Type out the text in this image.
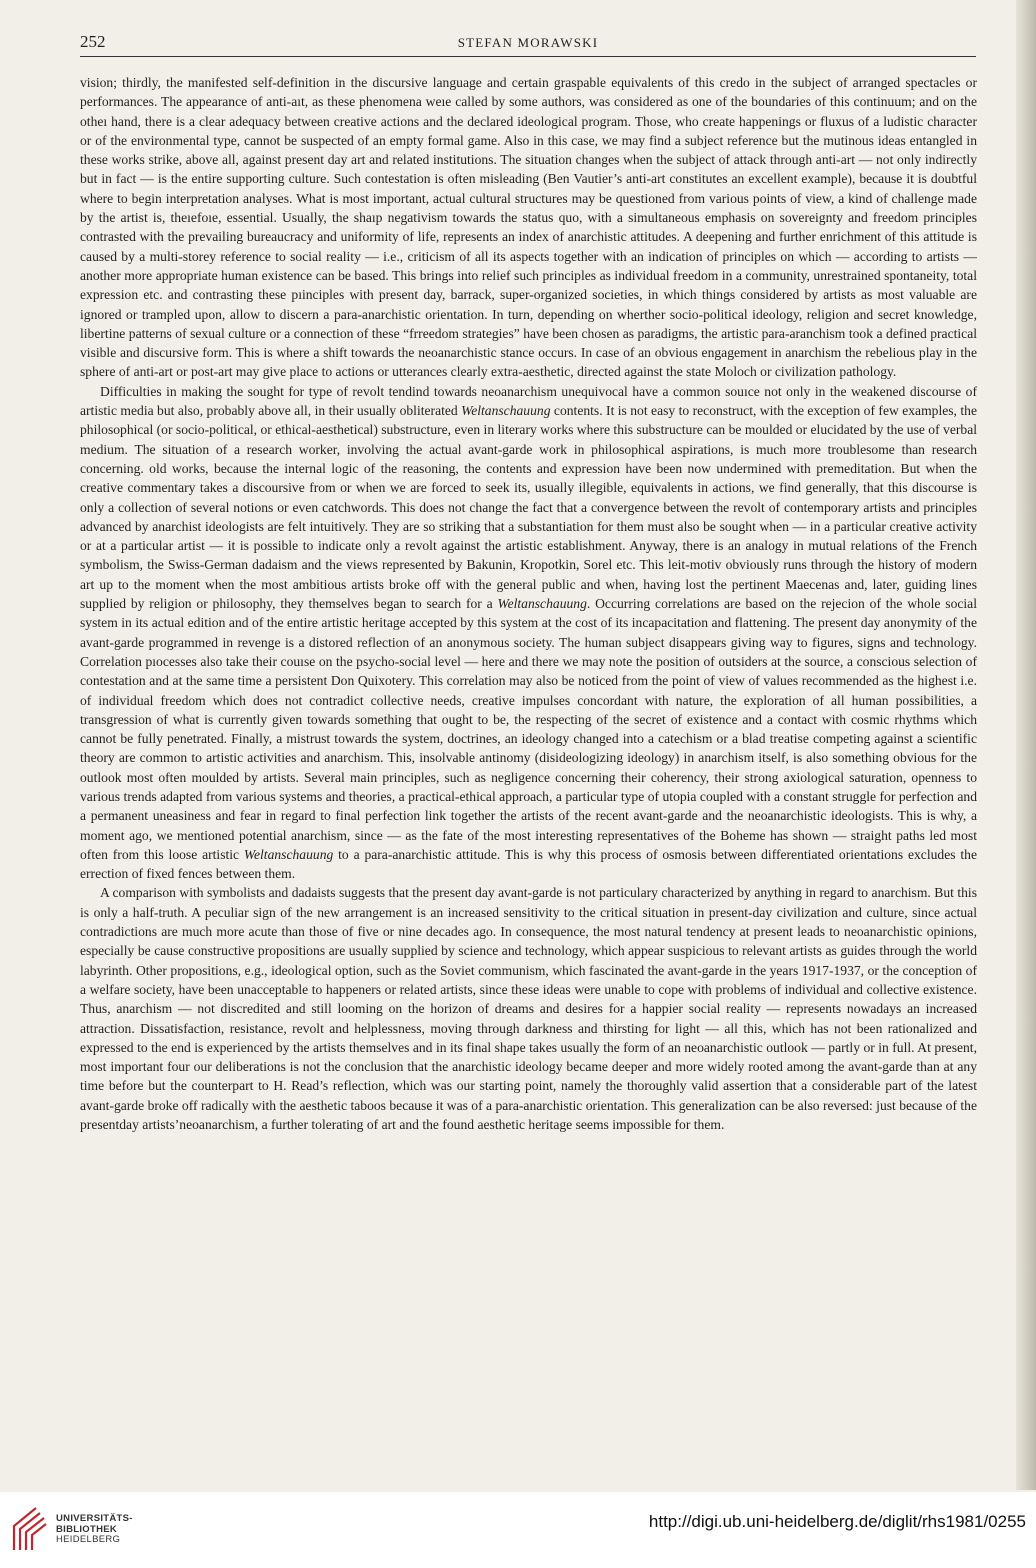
252	STEFAN MORAWSKI

vision; thirdly, the manifested self-definition in the discursive language and certain graspable equivalents of this credo in the subject of arranged spectacles or performances. The appearance of anti-aıt, as these phenomena weıe called by some authors, was considered as one of the boundaries of this continuum; and on the otheı hand, there is a clear adequacy between creative actions and the declared ideological program. Those, who create happenings or fluxus of a ludistic character or of the environmental type, cannot be suspected of an empty formal game. Also in this case, we may find a subject reference but the mutinous ideas entangled in these works strike, above all, against present day art and related institutions. The situation changes when the subject of attack through anti-art — not only indirectly but in fact — is the entire supporting culture. Such contestation is often misleading (Ben Vautier’s anti-art constitutes an excellent example), because it is doubtful where to begin interpretation analyses. What is most important, actual cultural structures may be questioned from various points of view, a kind of challenge made by the artist is, theıefoıe, essential. Usually, the shaıp negativism towards the status quo, with a simultaneous emphasis on sovereignty and freedom principles contrasted with the prevailing bureaucracy and uniformity of life, represents an index of anarchistic attitudes. A deepening and further enrichment of this attitude is caused by a multi-storey reference to social reality — i.e., criticism of all its aspects together with an indication of principles on which — according to artists — another more appropriate human existence can be based. This brings into relief such principles as individual freedom in a community, unrestrained spontaneity, total expression etc. and contrasting these pıinciples with present day, barrack, super-organized societies, in which things considered by artists as most valuable are ignored or trampled upon, allow to discern a para-anarchistic orientation. In turn, depending on wherther socio-political ideology, religion and secret knowledge, libertine patterns of sexual culture or a connection of these “frreedom strategies” have been chosen as paradigms, the artistic para-aranchism took a defined practical visible and discursive form. This is where a shift towards the neoanarchistic stance occurs. In case of an obvious engagement in anarchism the rebelious play in the sphere of anti-art or post-art may give place to actions or utterances clearly extra-aesthetic, directed against the state Moloch or civilization pathology.

Difficulties in making the sought for type of revolt tendind towards neoanarchism unequivocal have a common souıce not only in the weakened discourse of artistic media but also, probably above all, in their usually obliterated Weltanschauung contents. It is not easy to reconstruct, with the exception of few examples, the philosophical (or socio-political, or ethical-aesthetical) substructure, even in literary works where this substructure can be moulded or elucidated by the use of verbal medium. The situation of a research worker, involving the actual avant-garde work in philosophical aspirations, is much more troublesome than research concerning. old works, because the internal logic of the reasoning, the contents and expression have been now undermined with premeditation. But when the creative commentary takes a discoursive from or when we are forced to seek its, usually illegible, equivalents in actions, we find generally, that this discourse is only a collection of several notions or even catchwords. This does not change the fact that a convergence between the revolt of contemporary artists and principles advanced by anarchist ideologists are felt intuitively. They are so striking that a substantiation for them must also be sought when — in a particular creative activity or at a particular artist — it is possible to indicate only a revolt against the artistic establishment. Anyway, there is an analogy in mutual relations of the French symbolism, the Swiss-German dadaism and the views represented by Bakunin, Kropotkin, Sorel etc. This leit-motiv obviously runs through the history of modern art up to the moment when the most ambitious artists broke off with the general public and when, having lost the pertinent Maecenas and, later, guiding lines supplied by religion or philosophy, they themselves began to search for a Weltanschauung. Occurring correlations are based on the rejecion of the whole social system in its actual edition and of the entire artistic heritage accepted by this system at the cost of its incapacitation and flattening. The present day anonymity of the avant-garde programmed in revenge is a distored reflection of an anonymous society. The human subject disappears giving way to figures, signs and technology. Correlation pıocesses also take their couıse on the psycho-social level — here and there we may note the position of outsiders at the source, a conscious selection of contestation and at the same time a persistent Don Quixotery. This correlation may also be noticed from the point of view of values recommended as the highest i.e. of individual freedom which does not contradict collective needs, creative impulses concordant with nature, the exploration of all human possibilities, a transgression of what is currently given towards something that ought to be, the respecting of the secret of existence and a contact with cosmic rhythms which cannot be fully penetrated. Finally, a mistrust towards the system, doctrines, an ideology changed into a catechism or a blad treatise competing against a scientific theory are common to artistic activities and anarchism. This, insolvable antinomy (disideologizing ideology) in anarchism itself, is also something obvious for the outlook most often moulded by artists. Several main principles, such as negligence concerning their coherency, their strong axiological saturation, openness to various trends adapted from various systems and theories, a practical-ethical approach, a particular type of utopia coupled with a constant struggle for perfection and a permanent uneasiness and fear in regard to final perfection link together the artists of the recent avant-garde and the neoanarchistic ideologists. This is why, a moment ago, we mentioned potential anarchism, since — as the fate of the most interesting representatives of the Boheme has shown — straight paths led most often from this loose artistic Weltanschauung to a para-anarchistic attitude. This is why this process of osmosis between differentiated orientations excludes the errection of fixed fences between them.

A comparison with symbolists and dadaists suggests that the present day avant-garde is not particulary characterized by anything in regard to anarchism. But this is only a half-truth. A peculiar sign of the new arrangement is an increased sensitivity to the critical situation in present-day civilization and culture, since actual contradictions are much more acute than those of five or nine decades ago. In consequence, the most natural tendency at present leads to neoanarchistic opinions, especially be cause constructive propositions are usually supplied by science and technology, which appear suspicious to relevant artists as guides through the world labyrinth. Other propositions, e.g., ideological option, such as the Soviet communism, which fascinated the avant-garde in the years 1917-1937, or the conception of a welfare society, have been unacceptable to happeners or related artists, since these ideas were unable to cope with problems of individual and collective existence. Thus, anarchism — not discredited and still looming on the horizon of dreams and desires for a happier social reality — represents nowadays an increased attraction. Dissatisfaction, resistance, revolt and helplessness, moving through darkness and thirsting for light — all this, which has not been rationalized and expressed to the end is experienced by the artists themselves and in its final shape takes usually the form of an neoanarchistic outlook — partly or in full. At present, most important four our deliberations is not the conclusion that the anarchistic ideology became deeper and more widely rooted among the avant-garde than at any time before but the counterpart to H. Read’s reflection, which was our starting point, namely the thoroughly valid assertion that a considerable part of the latest avant-garde broke off radically with the aesthetic taboos because it was of a para-anarchistic orientation. This generalization can be also reversed: just because of the presentday artists’neoanarchism, a further tolerating of art and the found aesthetic heritage seems impossible for them.

UNIVERSITÄTS-
BIBLIOTHEK
HEIDELBERG
http://digi.ub.uni-heidelberg.de/diglit/rhs1981/0255
